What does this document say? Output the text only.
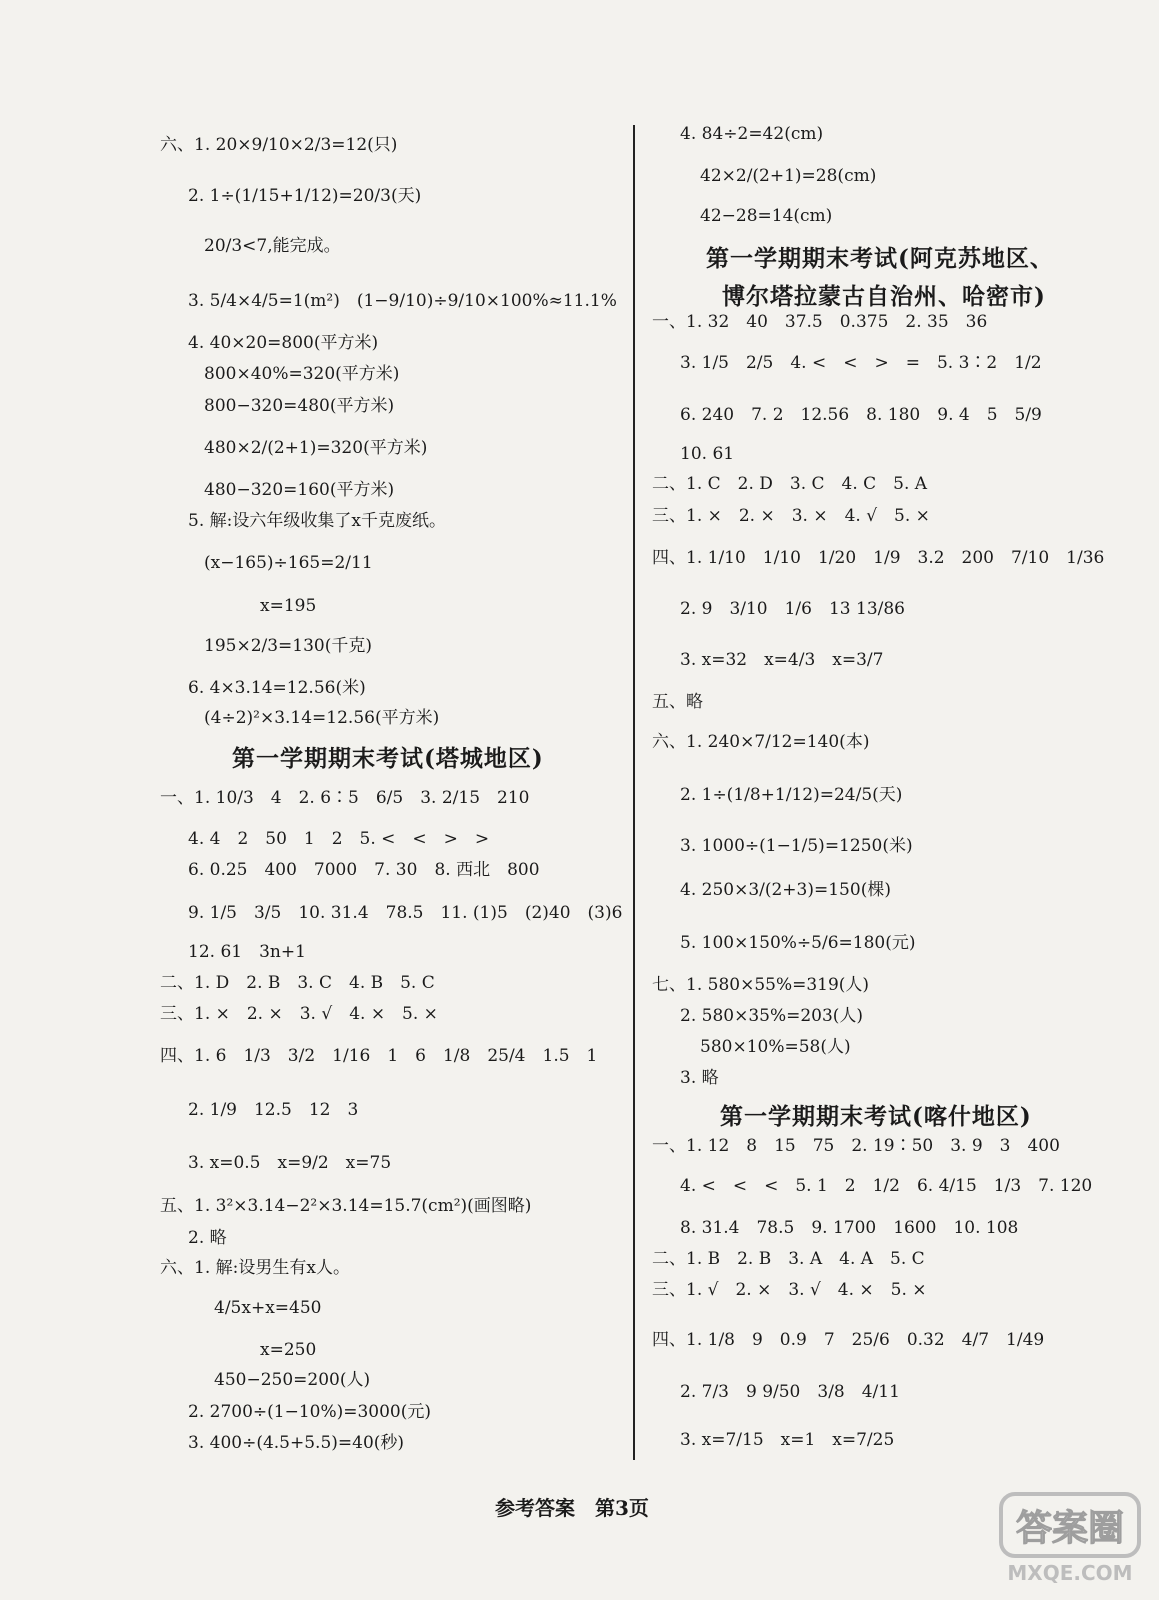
六、1. 20×9/10×2/3=12(只)
2. 1÷(1/15+1/12)=20/3(天)
20/3<7,能完成。
3. 5/4×4/5=1(m²)　(1−9/10)÷9/10×100%≈11.1%
4. 40×20=800(平方米)
800×40%=320(平方米)
800−320=480(平方米)
480×2/(2+1)=320(平方米)
480−320=160(平方米)
5. 解:设六年级收集了x千克废纸。
(x−165)÷165=2/11
x=195
195×2/3=130(千克)
6. 4×3.14=12.56(米)
(4÷2)²×3.14=12.56(平方米)
第一学期期末考试(塔城地区)
一、1. 10/3　4　2. 6∶5　6/5　3. 2/15　210
4. 4　2　50　1　2　5. <　<　>　>
6. 0.25　400　7000　7. 30　8. 西北　800
9. 1/5　3/5　10. 31.4　78.5　11. (1)5　(2)40　(3)6
12. 61　3n+1
二、1. D　2. B　3. C　4. B　5. C
三、1. ×　2. ×　3. √　4. ×　5. ×
四、1. 6　1/3　3/2　1/16　1　6　1/8　25/4　1.5　1
2. 1/9　12.5　12　3
3. x=0.5　x=9/2　x=75
五、1. 3²×3.14−2²×3.14=15.7(cm²)(画图略)
2. 略
六、1. 解:设男生有x人。
4/5x+x=450
x=250
450−250=200(人)
2. 2700÷(1−10%)=3000(元)
3. 400÷(4.5+5.5)=40(秒)
4. 84÷2=42(cm)
42×2/(2+1)=28(cm)
42−28=14(cm)
第一学期期末考试(阿克苏地区、
博尔塔拉蒙古自治州、哈密市)
一、1. 32　40　37.5　0.375　2. 35　36
3. 1/5　2/5　4. <　<　>　=　5. 3∶2　1/2
6. 240　7. 2　12.56　8. 180　9. 4　5　5/9
10. 61
二、1. C　2. D　3. C　4. C　5. A
三、1. ×　2. ×　3. ×　4. √　5. ×
四、1. 1/10　1/10　1/20　1/9　3.2　200　7/10　1/36
2. 9　3/10　1/6　13 13/86
3. x=32　x=4/3　x=3/7
五、略
六、1. 240×7/12=140(本)
2. 1÷(1/8+1/12)=24/5(天)
3. 1000÷(1−1/5)=1250(米)
4. 250×3/(2+3)=150(棵)
5. 100×150%÷5/6=180(元)
七、1. 580×55%=319(人)
2. 580×35%=203(人)
580×10%=58(人)
3. 略
第一学期期末考试(喀什地区)
一、1. 12　8　15　75　2. 19∶50　3. 9　3　400
4. <　<　<　5. 1　2　1/2　6. 4/15　1/3　7. 120
8. 31.4　78.5　9. 1700　1600　10. 108
二、1. B　2. B　3. A　4. A　5. C
三、1. √　2. ×　3. √　4. ×　5. ×
四、1. 1/8　9　0.9　7　25/6　0.32　4/7　1/49
2. 7/3　9 9/50　3/8　4/11
3. x=7/15　x=1　x=7/25
参考答案　第3页	答案圈
MXQE.COM
